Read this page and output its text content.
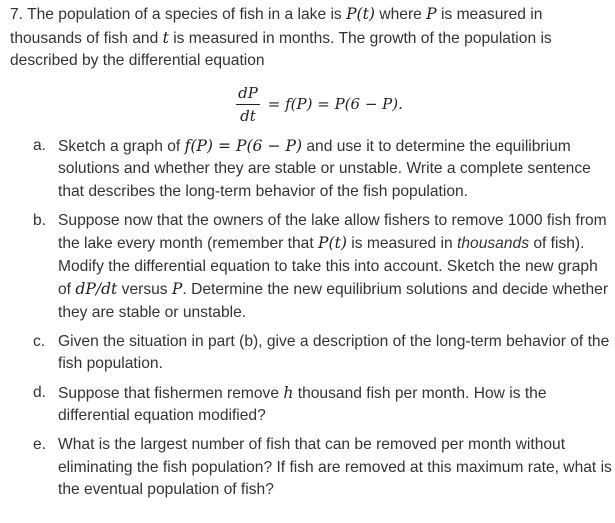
7. The population of a species of fish in a lake is P(t) where P is measured in thousands of fish and t is measured in months. The growth of the population is described by the differential equation

$\frac{dP}{dt} = f(P) = P(6 - P)$.
a. Sketch a graph of f(P) = P(6 − P) and use it to determine the equilibrium solutions and whether they are stable or unstable. Write a complete sentence that describes the long-term behavior of the fish population.
b. Suppose now that the owners of the lake allow fishers to remove 1000 fish from the lake every month (remember that P(t) is measured in thousands of fish). Modify the differential equation to take this into account. Sketch the new graph of dP/dt versus P. Determine the new equilibrium solutions and decide whether they are stable or unstable.
c. Given the situation in part (b), give a description of the long-term behavior of the fish population.
d. Suppose that fishermen remove h thousand fish per month. How is the differential equation modified?
e. What is the largest number of fish that can be removed per month without eliminating the fish population? If fish are removed at this maximum rate, what is the eventual population of fish?
